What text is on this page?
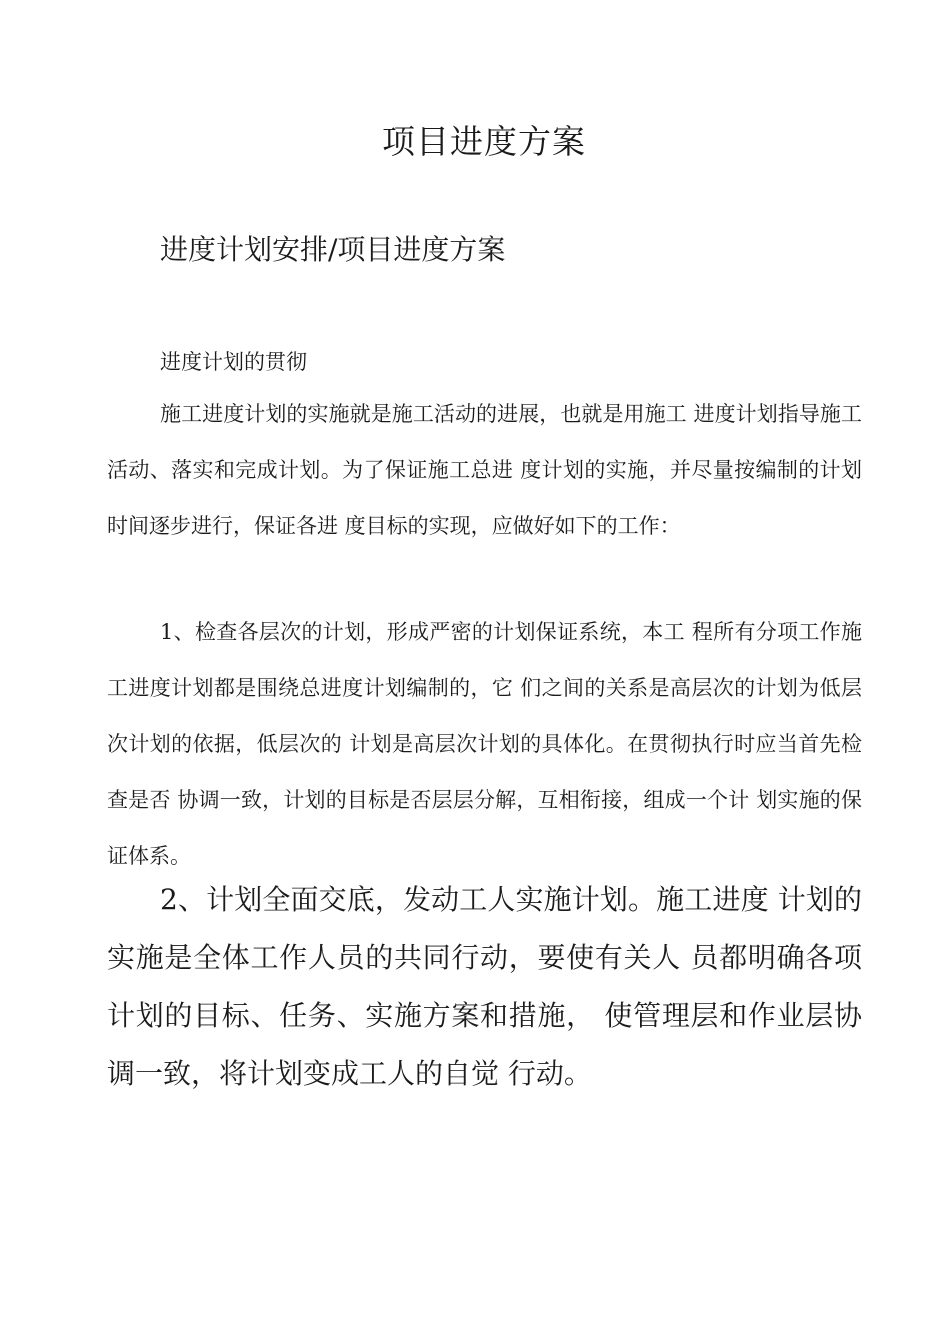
项目进度方案
进度计划安排/项目进度方案
进度计划的贯彻

施工进度计划的实施就是施工活动的进展，也就是用施工 进度计划指导施工活动、落实和完成计划。为了保证施工总进 度计划的实施，并尽量按编制的计划时间逐步进行，保证各进 度目标的实现，应做好如下的工作：

1、检查各层次的计划，形成严密的计划保证系统，本工 程所有分项工作施工进度计划都是围绕总进度计划编制的，它 们之间的关系是高层次的计划为低层次计划的依据，低层次的 计划是高层次计划的具体化。在贯彻执行时应当首先检查是否 协调一致，计划的目标是否层层分解，互相衔接，组成一个计 划实施的保证体系。

2、计划全面交底，发动工人实施计划。施工进度 计划的实施是全体工作人员的共同行动，要使有关人 员都明确各项计划的目标、任务、实施方案和措施， 使管理层和作业层协调一致，将计划变成工人的自觉 行动。
